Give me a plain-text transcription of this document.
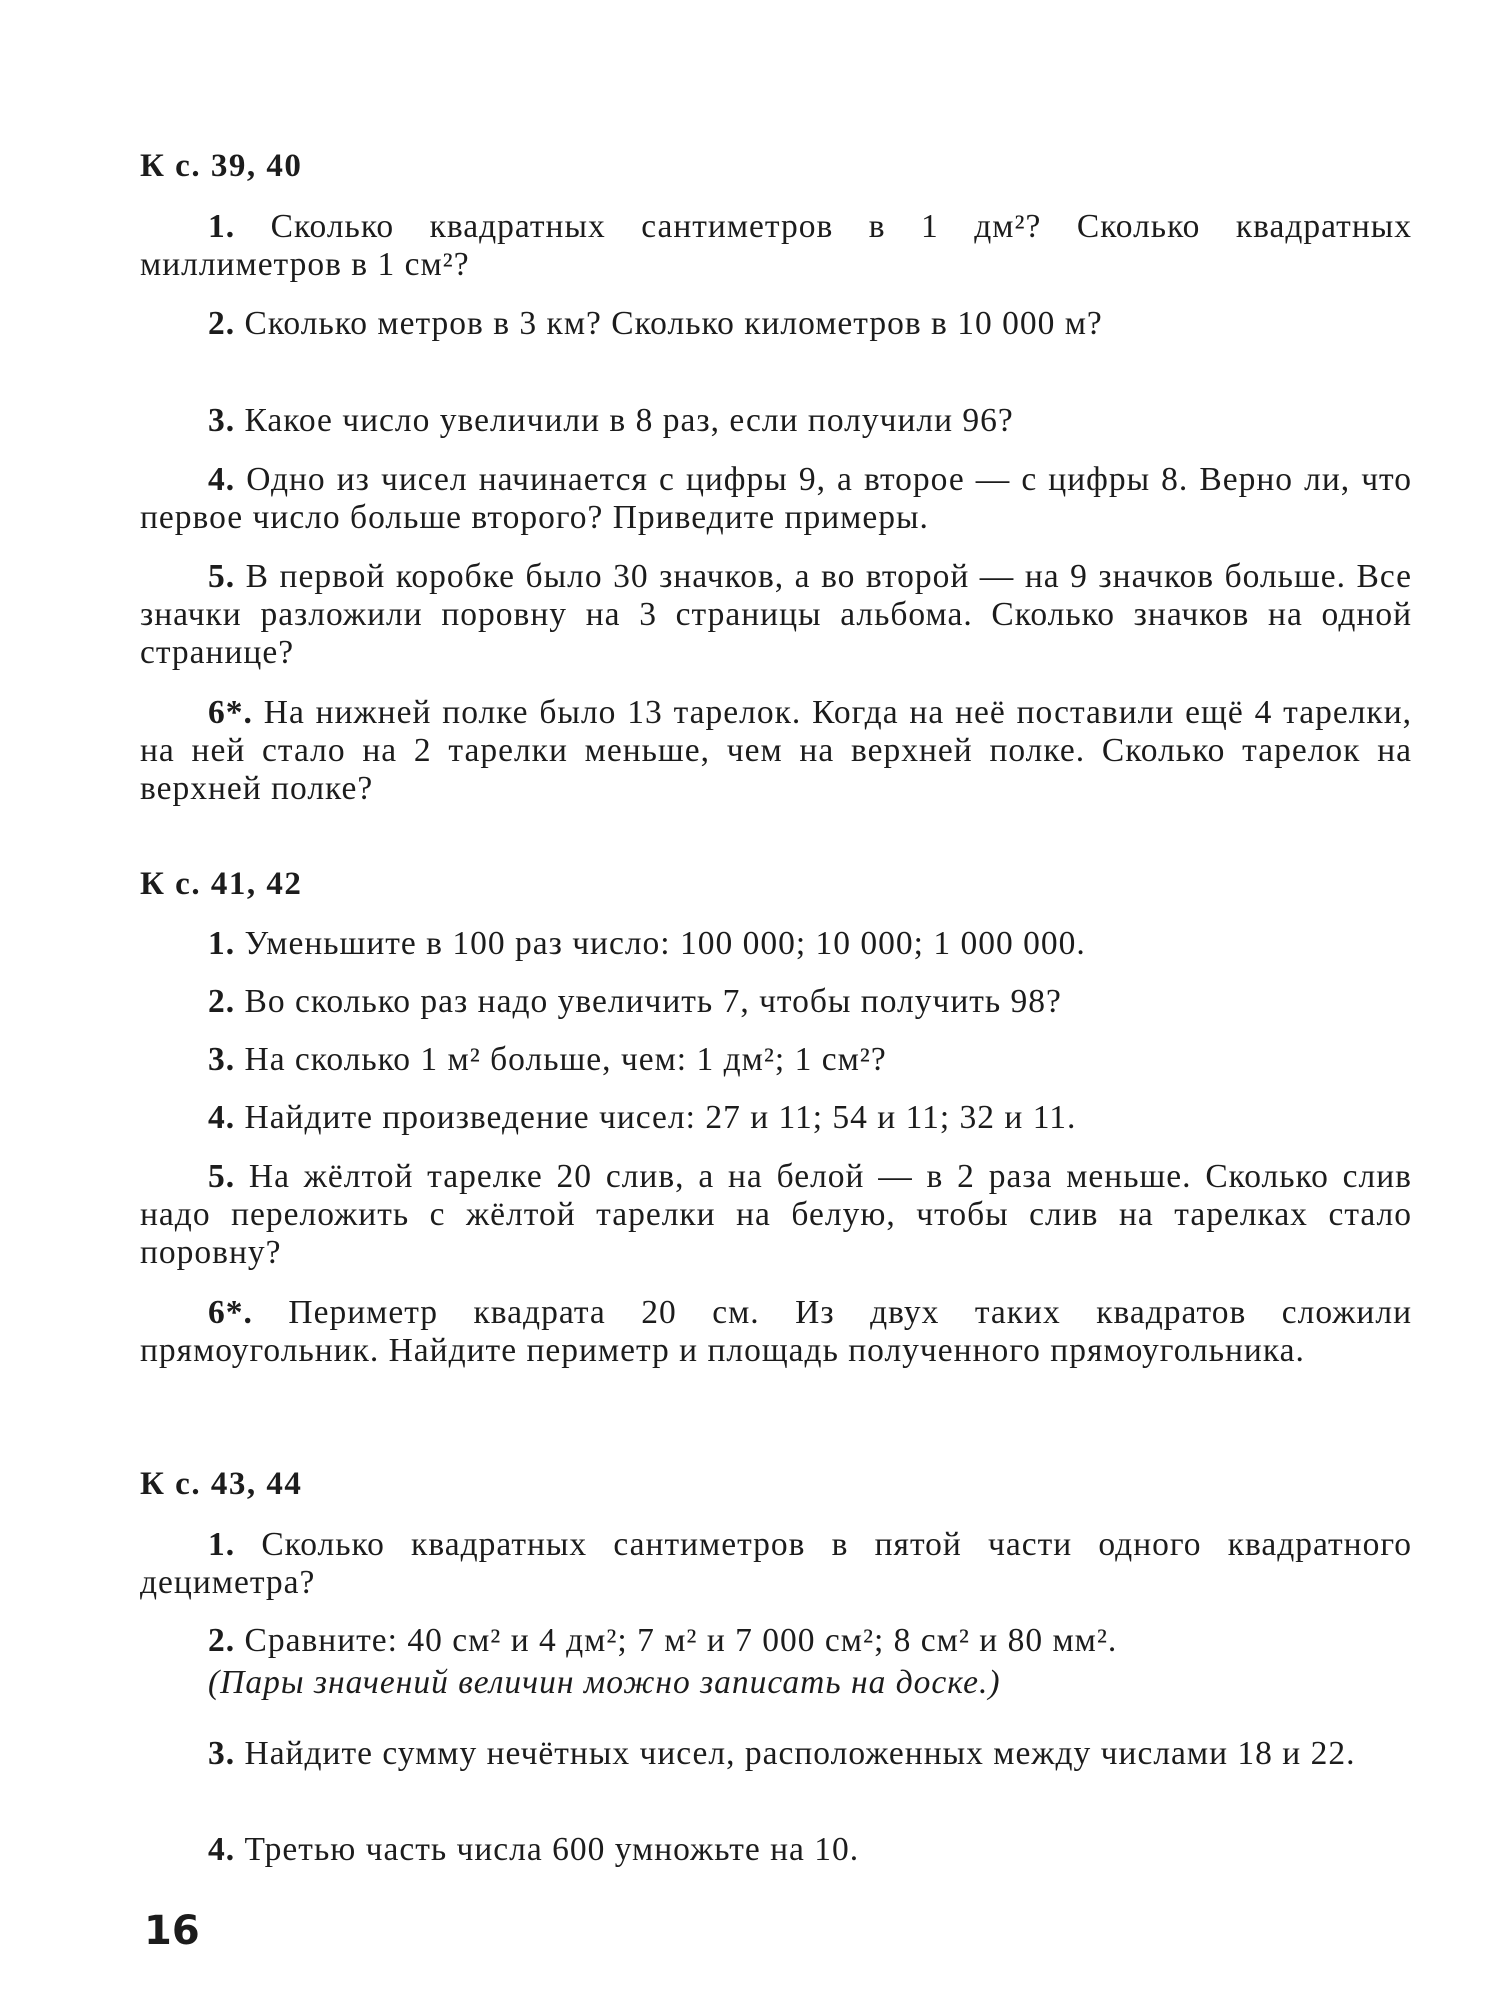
К с. 39, 40
1. Сколько квадратных сантиметров в 1 дм²? Сколько квадратных миллиметров в 1 см²?
2. Сколько метров в 3 км? Сколько километров в 10 000 м?
3. Какое число увеличили в 8 раз, если получили 96?
4. Одно из чисел начинается с цифры 9, а второе — с цифры 8. Верно ли, что первое число больше второго? Приведите примеры.
5. В первой коробке было 30 значков, а во второй — на 9 значков больше. Все значки разложили поровну на 3 страницы альбома. Сколько значков на одной странице?
6*. На нижней полке было 13 тарелок. Когда на неё поставили ещё 4 тарелки, на ней стало на 2 тарелки меньше, чем на верхней полке. Сколько тарелок на верхней полке?
К с. 41, 42
1. Уменьшите в 100 раз число: 100 000; 10 000; 1 000 000.
2. Во сколько раз надо увеличить 7, чтобы получить 98?
3. На сколько 1 м² больше, чем: 1 дм²; 1 см²?
4. Найдите произведение чисел: 27 и 11; 54 и 11; 32 и 11.
5. На жёлтой тарелке 20 слив, а на белой — в 2 раза меньше. Сколько слив надо переложить с жёлтой тарелки на белую, чтобы слив на тарелках стало поровну?
6*. Периметр квадрата 20 см. Из двух таких квадратов сложили прямоугольник. Найдите периметр и площадь полученного прямоугольника.
К с. 43, 44
1. Сколько квадратных сантиметров в пятой части одного квадратного дециметра?
2. Сравните: 40 см² и 4 дм²; 7 м² и 7 000 см²; 8 см² и 80 мм².
(Пары значений величин можно записать на доске.)
3. Найдите сумму нечётных чисел, расположенных между числами 18 и 22.
4. Третью часть числа 600 умножьте на 10.
16
